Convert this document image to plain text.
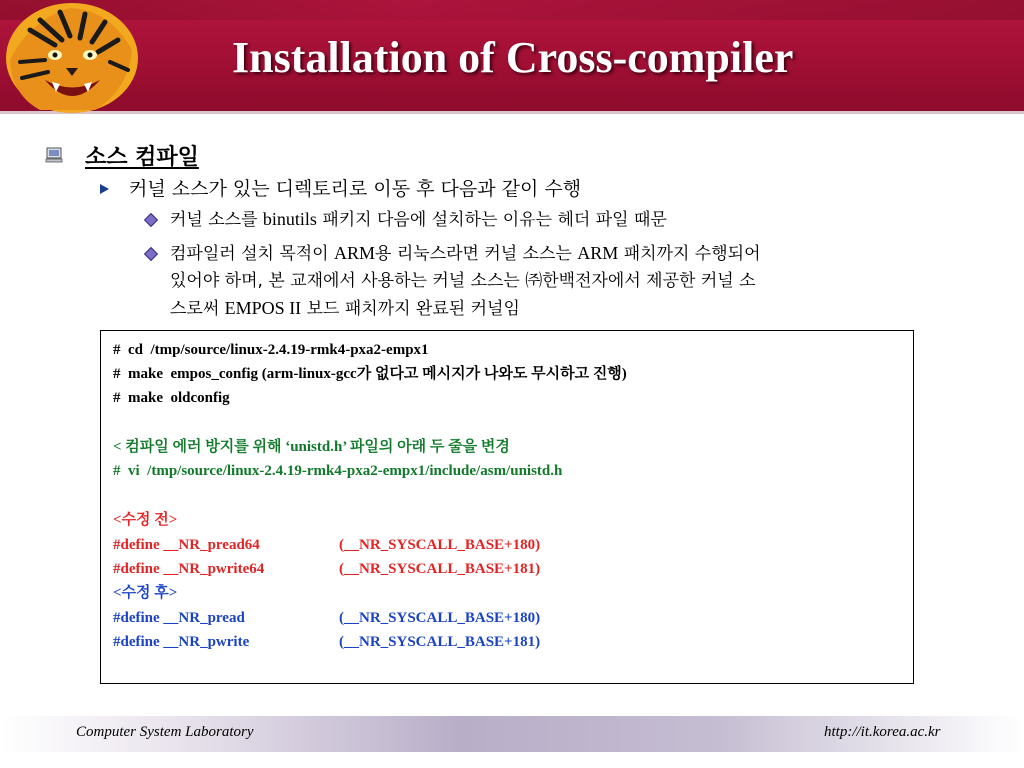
Installation of Cross-compiler
소스 컴파일
커널 소스가 있는 디렉토리로 이동 후 다음과 같이 수행
커널 소스를 binutils 패키지 다음에 설치하는 이유는 헤더 파일 때문
컴파일러 설치 목적이 ARM용 리눅스라면 커널 소스는 ARM 패치까지 수행되어
있어야 하며, 본 교재에서 사용하는 커널 소스는 ㈜한백전자에서 제공한 커널 소
스로써 EMPOS II 보드 패치까지 완료된 커널임
#  cd  /tmp/source/linux-2.4.19-rmk4-pxa2-empx1
#  make  empos_config (arm-linux-gcc가 없다고 메시지가 나와도 무시하고 진행)
#  make  oldconfig
< 컴파일 에러 방지를 위해 ‘unistd.h’ 파일의 아래 두 줄을 변경
#  vi  /tmp/source/linux-2.4.19-rmk4-pxa2-empx1/include/asm/unistd.h
<수정 전>
#define __NR_pread64	(__NR_SYSCALL_BASE+180)
#define __NR_pwrite64	(__NR_SYSCALL_BASE+181)
<수정 후>
#define __NR_pread	(__NR_SYSCALL_BASE+180)
#define __NR_pwrite	(__NR_SYSCALL_BASE+181)
Computer System Laboratory	http://it.korea.ac.kr
